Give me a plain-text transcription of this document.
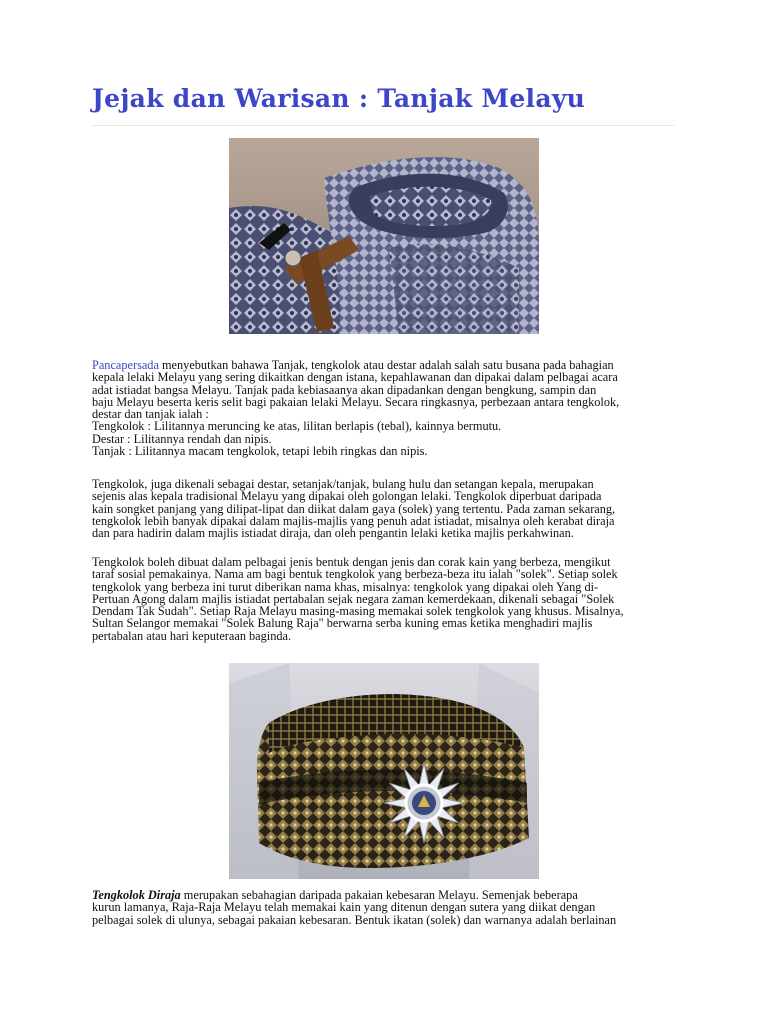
Jejak dan Warisan : Tanjak Melayu

Pancapersada menyebutkan bahawa Tanjak, tengkolok atau destar adalah salah satu busana pada bahagian
kepala lelaki Melayu yang sering dikaitkan dengan istana, kepahlawanan dan dipakai dalam pelbagai acara
adat istiadat bangsa Melayu. Tanjak pada kebiasaanya akan dipadankan dengan bengkung, sampin dan
baju Melayu beserta keris selit bagi pakaian lelaki Melayu. Secara ringkasnya, perbezaan antara tengkolok,
destar dan tanjak ialah :
Tengkolok : Lilitannya meruncing ke atas, lilitan berlapis (tebal), kainnya bermutu.
Destar : Lilitannya rendah dan nipis.
Tanjak : Lilitannya macam tengkolok, tetapi lebih ringkas dan nipis.

Tengkolok, juga dikenali sebagai destar, setanjak/tanjak, bulang hulu dan setangan kepala, merupakan
sejenis alas kepala tradisional Melayu yang dipakai oleh golongan lelaki. Tengkolok diperbuat daripada
kain songket panjang yang dilipat-lipat dan diikat dalam gaya (solek) yang tertentu. Pada zaman sekarang,
tengkolok lebih banyak dipakai dalam majlis-majlis yang penuh adat istiadat, misalnya oleh kerabat diraja
dan para hadirin dalam majlis istiadat diraja, dan oleh pengantin lelaki ketika majlis perkahwinan.

Tengkolok boleh dibuat dalam pelbagai jenis bentuk dengan jenis dan corak kain yang berbeza, mengikut
taraf sosial pemakainya. Nama am bagi bentuk tengkolok yang berbeza-beza itu ialah "solek". Setiap solek
tengkolok yang berbeza ini turut diberikan nama khas, misalnya: tengkolok yang dipakai oleh Yang di-
Pertuan Agong dalam majlis istiadat pertabalan sejak negara zaman kemerdekaan, dikenali sebagai "Solek
Dendam Tak Sudah". Setiap Raja Melayu masing-masing memakai solek tengkolok yang khusus. Misalnya,
Sultan Selangor memakai "Solek Balung Raja" berwarna serba kuning emas ketika menghadiri majlis
pertabalan atau hari keputeraan baginda.

Tengkolok Diraja merupakan sebahagian daripada pakaian kebesaran Melayu. Semenjak beberapa
kurun lamanya, Raja-Raja Melayu telah memakai kain yang ditenun dengan sutera yang diikat dengan
pelbagai solek di ulunya, sebagai pakaian kebesaran. Bentuk ikatan (solek) dan warnanya adalah berlainan
